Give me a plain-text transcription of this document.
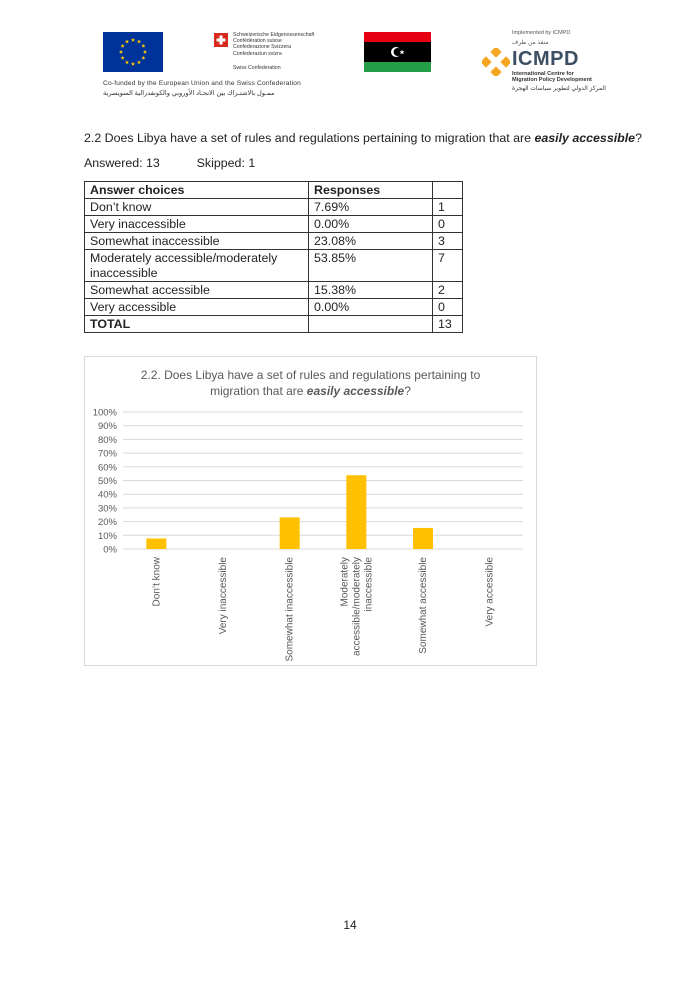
Schweizerische Eidgenossenschaft
Confédération suisse
Confederazione Svizzera
Confederaziun svizra
Swiss Confederation
Implemented by ICMPD
منفذ من طرف
ICMPD
International Centre for
Migration Policy Development
المركز الدولي لتطوير سياسات الهجرة
Co-funded by the European Union and the Swiss Confederation
ممـول بالاشتـراك بين الاتحـاد الأوروبي والكونفدرالية السويسرية
2.2 Does Libya have a set of rules and regulations pertaining to migration that are easily accessible?
Answered: 13	Skipped: 1
Answer choices	Responses	
Don’t know	7.69%	1
Very inaccessible	0.00%	0
Somewhat inaccessible	23.08%	3
Moderately accessible/moderately inaccessible	53.85%	7
Somewhat accessible	15.38%	2
Very accessible	0.00%	0
TOTAL		13
2.2. Does Libya have a set of rules and regulations pertaining to
migration that are easily accessible?
0%
10%
20%
30%
40%
50%
60%
70%
80%
90%
100%
Don’t know	Very inaccessible	Somewhat inaccessible	Moderatelyaccessible/moderatelyinaccessible	Somewhat accessible	Very accessible
14
